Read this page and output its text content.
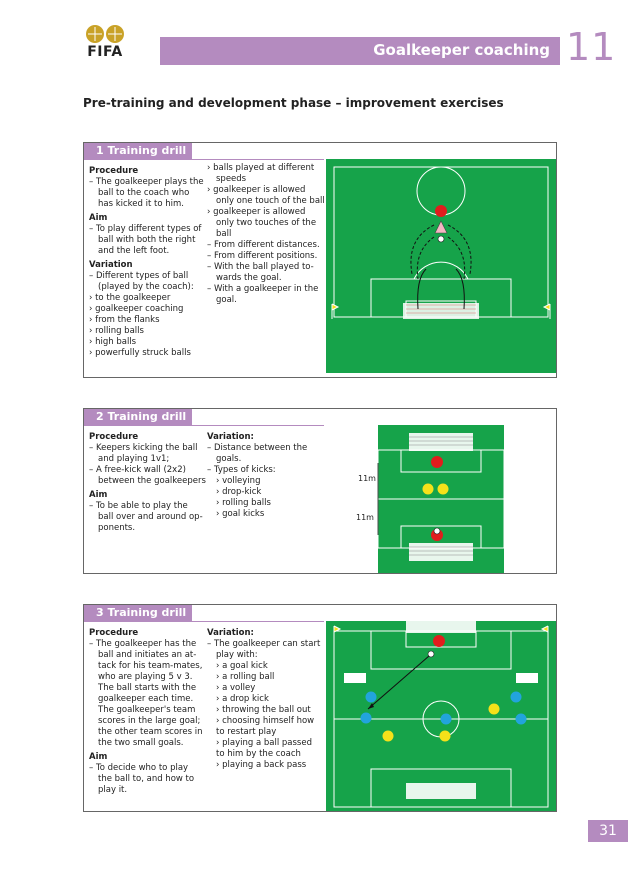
FIFA	Goalkeeper coaching 11
Pre-training and development phase – improvement exercises
1 Training drill

Procedure

– The goalkeeper plays the

ball to the coach who

has kicked it to him.

Aim

– To play different types of

ball with both the right

and the left foot.

Variation

– Different types of ball

(played by the coach):

› to the goalkeeper

› goalkeeper coaching

› from the flanks

› rolling balls

› high balls

› powerfully struck balls

› balls played at different

speeds

› goalkeeper is allowed

only one touch of the ball

› goalkeeper is allowed

only two touches of the

ball

– From different distances.

– From different positions.

– With the ball played to-

wards the goal.

– With a goalkeeper in the

goal.

2 Training drill

Procedure

– Keepers kicking the ball

and playing 1v1;

– A free-kick wall (2x2)

between the goalkeepers

Aim

– To be able to play the

ball over and around op-

ponents.

Variation:

– Distance between the

goals.

– Types of kicks:

› volleying

› drop-kick

› rolling balls

› goal kicks

11m
11m
3 Training drill

Procedure

– The goalkeeper has the

ball and initiates an at-

tack for his team-mates,

who are playing 5 v 3.

The ball starts with the

goalkeeper each time.

The goalkeeper's team

scores in the large goal;

the other team scores in

the two small goals.

Aim

– To decide who to play

the ball to, and how to

play it.

Variation:

– The goalkeeper can start

play with:

› a goal kick

› a rolling ball

› a volley

› a drop kick

› throwing the ball out

› choosing himself how

to restart play

› playing a ball passed

to him by the coach

› playing a back pass

31
